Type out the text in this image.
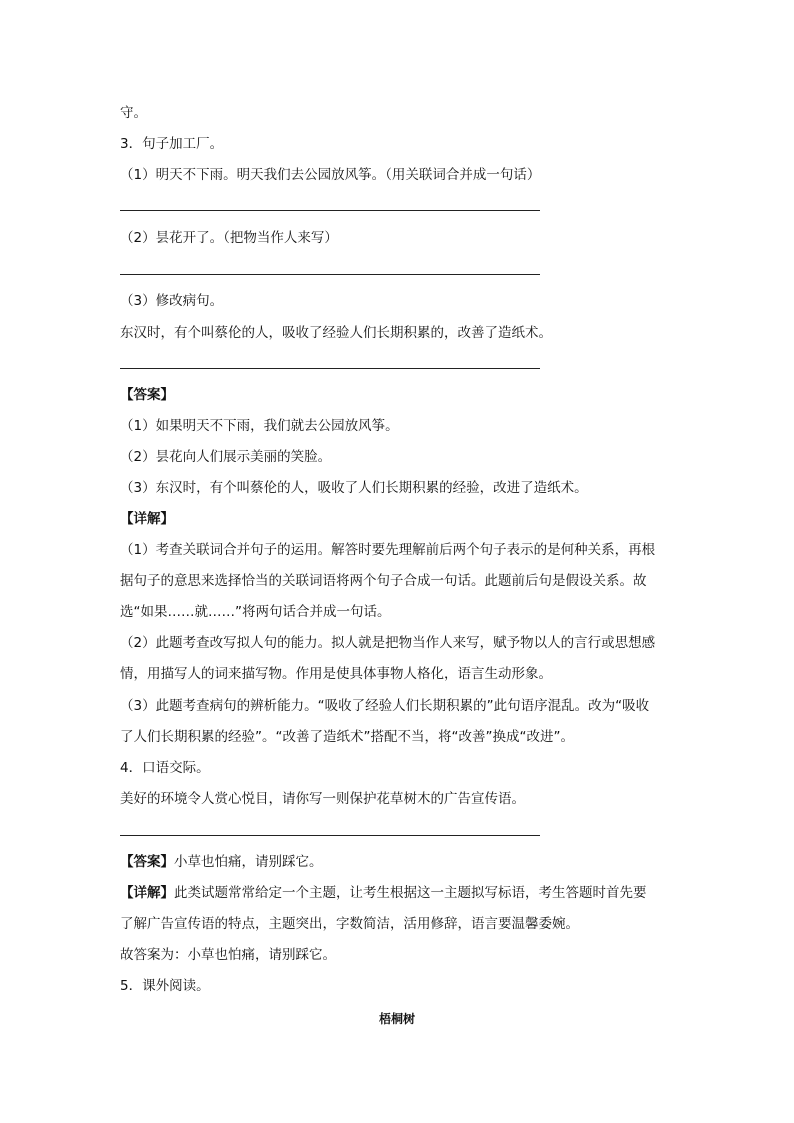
守。
3．句子加工厂。
（1）明天不下雨。明天我们去公园放风筝。（用关联词合并成一句话）
（2）昙花开了。（把物当作人来写）
（3）修改病句。
东汉时，有个叫蔡伦的人，吸收了经验人们长期积累的，改善了造纸术。
【答案】
（1）如果明天不下雨，我们就去公园放风筝。
（2）昙花向人们展示美丽的笑脸。
（3）东汉时，有个叫蔡伦的人，吸收了人们长期积累的经验，改进了造纸术。
【详解】
（1）考查关联词合并句子的运用。解答时要先理解前后两个句子表示的是何种关系，再根
据句子的意思来选择恰当的关联词语将两个句子合成一句话。此题前后句是假设关系。故
选“如果……就……”将两句话合并成一句话。
（2）此题考查改写拟人句的能力。拟人就是把物当作人来写，赋予物以人的言行或思想感
情，用描写人的词来描写物。作用是使具体事物人格化，语言生动形象。
（3）此题考查病句的辨析能力。“吸收了经验人们长期积累的”此句语序混乱。改为“吸收
了人们长期积累的经验”。“改善了造纸术”搭配不当，将“改善”换成“改进”。
4．口语交际。
美好的环境令人赏心悦目，请你写一则保护花草树木的广告宣传语。
【答案】小草也怕痛，请别踩它。
【详解】此类试题常常给定一个主题，让考生根据这一主题拟写标语，考生答题时首先要
了解广告宣传语的特点，主题突出，字数简洁，活用修辞，语言要温馨委婉。
故答案为：小草也怕痛，请别踩它。
5．课外阅读。
梧桐树
